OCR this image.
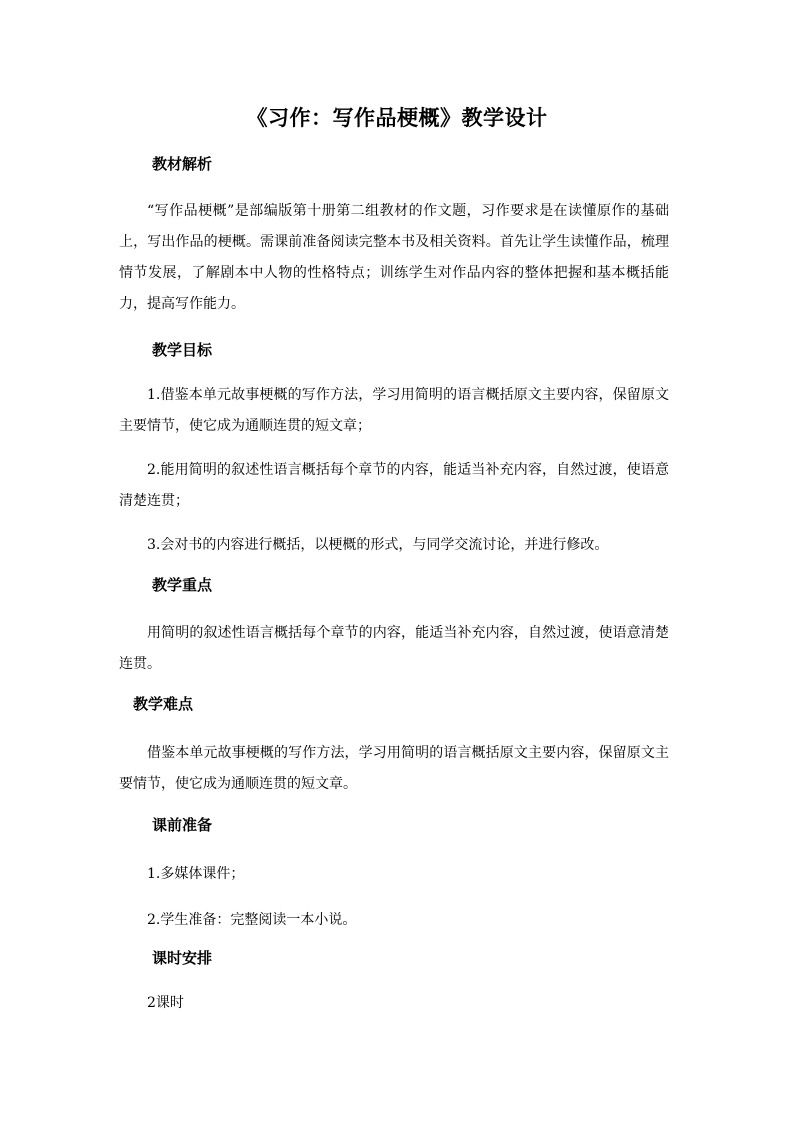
《习作：写作品梗概》教学设计
教材解析
“写作品梗概”是部编版第十册第二组教材的作文题，习作要求是在读懂原作的基础上，写出作品的梗概。需课前准备阅读完整本书及相关资料。首先让学生读懂作品，梳理情节发展，了解剧本中人物的性格特点；训练学生对作品内容的整体把握和基本概括能力，提高写作能力。
教学目标
1.借鉴本单元故事梗概的写作方法，学习用简明的语言概括原文主要内容，保留原文主要情节，使它成为通顺连贯的短文章；
2.能用简明的叙述性语言概括每个章节的内容，能适当补充内容，自然过渡，使语意清楚连贯；
3.会对书的内容进行概括，以梗概的形式，与同学交流讨论，并进行修改。
教学重点
用简明的叙述性语言概括每个章节的内容，能适当补充内容，自然过渡，使语意清楚连贯。
教学难点
借鉴本单元故事梗概的写作方法，学习用简明的语言概括原文主要内容，保留原文主要情节，使它成为通顺连贯的短文章。
课前准备
1.多媒体课件；
2.学生准备：完整阅读一本小说。
课时安排
2课时
